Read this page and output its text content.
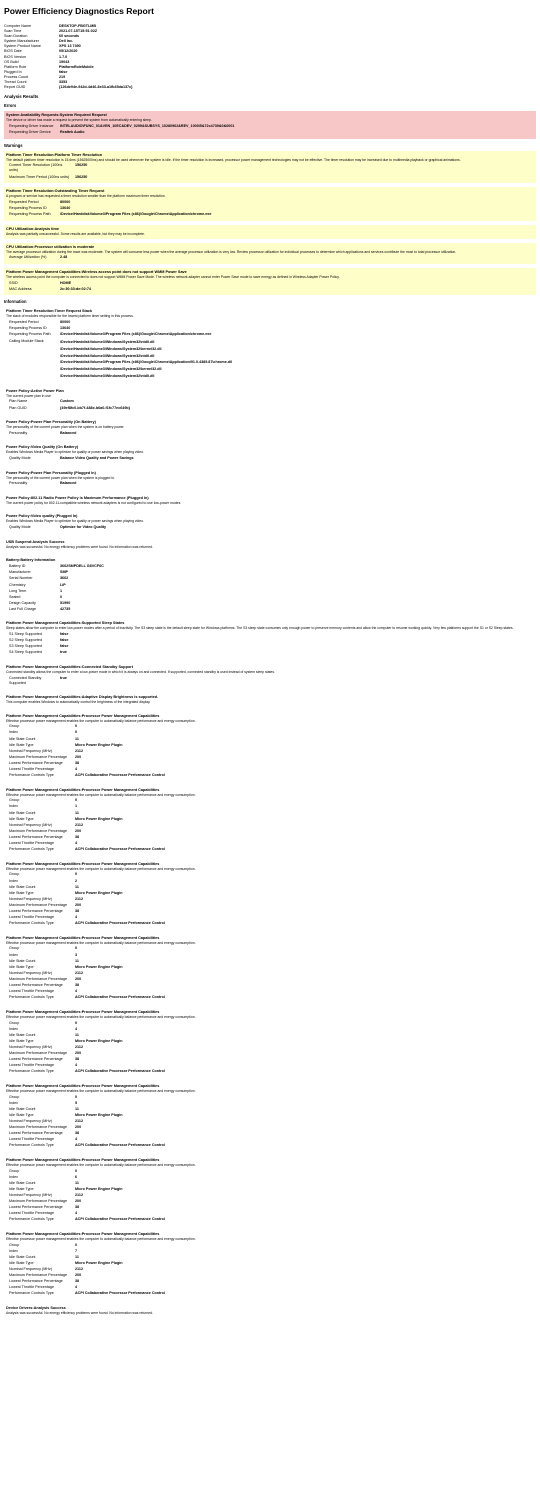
Power Efficiency Diagnostics Report
Computer Name	DESKTOP-FBGTLMB
Scan Time	2021-07-15T15:51:02Z
Scan Duration	60 seconds
System Manufacturer	Dell Inc.
System Product Name	XPS 13 7390
BIOS Date	05/12/2020
BIOS Version	1.7.0
OS Build	19043
Platform Role	PlatformRoleMobile
Plugged In	false
Process Count	219
Thread Count	3353
Report GUID	{126de94e-942d-4d46-8e33-a1fb45da137c}
Analysis Results
Errors
System Availability Requests:System Required Request
The device or driver has made a request to prevent the system from automatically entering sleep.
Requesting Driver Instance	INTELAUDIO\FUNC_01&VEN_10EC&DEV_0299&SUBSYS_10280962&REV_1000\5&72c4739&0&0001
Requesting Driver Device	Realtek Audio
Warnings
Platform Timer Resolution:Platform Timer Resolution
The default platform timer resolution is 15.6ms (15625000ns) and should be used whenever the system is idle. If the timer resolution is increased, processor power management technologies may not be effective. The timer resolution may be increased due to multimedia playback or graphical animations.
Current Timer Resolution (100ns units)	156250
Maximum Timer Period (100ns units)	156250
Platform Timer Resolution:Outstanding Timer Request
A program or service has requested a timer resolution smaller than the platform maximum timer resolution.
Requested Period	80000
Requesting Process ID	13640
Requesting Process Path	\Device\HarddiskVolume3\Program Files (x86)\Google\Chrome\Application\chrome.exe
CPU Utilization:Analysis time
Analysis was partially unsuccessful. Some results are available, but they may be incomplete.
CPU Utilization:Processor utilization is moderate
The average processor utilization during the trace was moderate. The system will consume less power when the average processor utilization is very low. Review processor utilization for individual processes to determine which applications and services contribute the most to total processor utilization.
Average Utilization (%)	2.48
Platform Power Management Capabilities:Wireless access point does not support WMM Power Save
The wireless access point the computer is connected to does not support WMM Power Save Mode. The wireless network adapter cannot enter Power Save mode to save energy as defined in Wireless Adapter Power Policy.
SSID	HOME
MAC Address	2c:30:33:de:02:74
Information
Platform Timer Resolution:Timer Request Stack
The stack of modules responsible for the lowest platform timer setting in this process.
Requested Period	80000
Requesting Process ID	13640
Requesting Process Path	\Device\HarddiskVolume3\Program Files (x86)\Google\Chrome\Application\chrome.exe
Calling Module Stack	\Device\HarddiskVolume3\Windows\System32\ntdll.dll
	\Device\HarddiskVolume3\Windows\System32\kernel32.dll
	\Device\HarddiskVolume3\Windows\System32\ntdll.dll
	\Device\HarddiskVolume3\Program Files (x86)\Google\Chrome\Application\91.0.4389.87\chrome.dll
	\Device\HarddiskVolume3\Windows\System32\kernel32.dll
	\Device\HarddiskVolume3\Windows\System32\ntdll.dll
Power Policy:Active Power Plan
The current power plan in use
Plan Name	Custom
Plan GUID	{49ef8fc0-bb7f-488e-b6a0-f1fc77ec649b}
Power Policy:Power Plan Personality (On Battery)
The personality of the current power plan when the system is on battery power.
Personality	Balanced
Power Policy:Video Quality (On Battery)
Enables Windows Media Player to optimize for quality or power savings when playing video.
Quality Mode	Balance Video Quality and Power Savings
Power Policy:Power Plan Personality (Plugged In)
The personality of the current power plan when the system is plugged in.
Personality	Balanced
Power Policy:802.11 Radio Power Policy is Maximum Performance (Plugged In)
The current power policy for 802.11-compatible wireless network adapters is not configured to use low-power modes.
Power Policy:Video quality (Plugged In)
Enables Windows Media Player to optimize for quality or power savings when playing video.
Quality Mode	Optimize for Video Quality
USB Suspend:Analysis Success
Analysis was successful. No energy efficiency problems were found. No information was returned.
Battery:Battery Information
Battery ID	3662SMPDELL G8VCF6C
Manufacturer	SMP
Serial Number	3662
Chemistry	LiP
Long Term	1
Sealed	0
Design Capacity	51990
Last Full Charge	42735
Platform Power Management Capabilities:Supported Sleep States
Sleep states allow the computer to enter low-power modes after a period of inactivity. The S3 sleep state is the default sleep state for Windows platforms. The S3 sleep state consumes only enough power to preserve memory contents and allow the computer to resume working quickly. Very few platforms support the S1 or S2 Sleep states.
S1 Sleep Supported	false
S2 Sleep Supported	false
S3 Sleep Supported	false
S4 Sleep Supported	true
Platform Power Management Capabilities:Connected Standby Support
Connected standby allows the computer to enter a low-power mode in which it is always on and connected. If supported, connected standby is used instead of system sleep states.
Connected Standby Supported	true
Platform Power Management Capabilities:Adaptive Display Brightness is supported.
This computer enables Windows to automatically control the brightness of the integrated display.
Platform Power Management Capabilities:Processor Power Management Capabilities
Effective processor power management enables the computer to automatically balance performance and energy consumption.
Group	0
Index	0
Idle State Count	11
Idle State Type	Micro Power Engine Plugin
Nominal Frequency (MHz)	2112
Maximum Performance Percentage	200
Lowest Performance Percentage	38
Lowest Throttle Percentage	4
Performance Controls Type	ACPI Collaborative Processor Performance Control
Platform Power Management Capabilities:Processor Power Management Capabilities
Effective processor power management enables the computer to automatically balance performance and energy consumption.
Group	0
Index	1
Idle State Count	11
Idle State Type	Micro Power Engine Plugin
Nominal Frequency (MHz)	2112
Maximum Performance Percentage	200
Lowest Performance Percentage	38
Lowest Throttle Percentage	4
Performance Controls Type	ACPI Collaborative Processor Performance Control
Platform Power Management Capabilities:Processor Power Management Capabilities
Effective processor power management enables the computer to automatically balance performance and energy consumption.
Group	0
Index	2
Idle State Count	11
Idle State Type	Micro Power Engine Plugin
Nominal Frequency (MHz)	2112
Maximum Performance Percentage	200
Lowest Performance Percentage	38
Lowest Throttle Percentage	4
Performance Controls Type	ACPI Collaborative Processor Performance Control
Platform Power Management Capabilities:Processor Power Management Capabilities
Effective processor power management enables the computer to automatically balance performance and energy consumption.
Group	0
Index	3
Idle State Count	11
Idle State Type	Micro Power Engine Plugin
Nominal Frequency (MHz)	2112
Maximum Performance Percentage	200
Lowest Performance Percentage	38
Lowest Throttle Percentage	4
Performance Controls Type	ACPI Collaborative Processor Performance Control
Platform Power Management Capabilities:Processor Power Management Capabilities
Effective processor power management enables the computer to automatically balance performance and energy consumption.
Group	0
Index	4
Idle State Count	11
Idle State Type	Micro Power Engine Plugin
Nominal Frequency (MHz)	2112
Maximum Performance Percentage	200
Lowest Performance Percentage	38
Lowest Throttle Percentage	4
Performance Controls Type	ACPI Collaborative Processor Performance Control
Platform Power Management Capabilities:Processor Power Management Capabilities
Effective processor power management enables the computer to automatically balance performance and energy consumption.
Group	0
Index	5
Idle State Count	11
Idle State Type	Micro Power Engine Plugin
Nominal Frequency (MHz)	2112
Maximum Performance Percentage	200
Lowest Performance Percentage	38
Lowest Throttle Percentage	4
Performance Controls Type	ACPI Collaborative Processor Performance Control
Platform Power Management Capabilities:Processor Power Management Capabilities
Effective processor power management enables the computer to automatically balance performance and energy consumption.
Group	0
Index	6
Idle State Count	11
Idle State Type	Micro Power Engine Plugin
Nominal Frequency (MHz)	2112
Maximum Performance Percentage	200
Lowest Performance Percentage	38
Lowest Throttle Percentage	4
Performance Controls Type	ACPI Collaborative Processor Performance Control
Platform Power Management Capabilities:Processor Power Management Capabilities
Effective processor power management enables the computer to automatically balance performance and energy consumption.
Group	0
Index	7
Idle State Count	11
Idle State Type	Micro Power Engine Plugin
Nominal Frequency (MHz)	2112
Maximum Performance Percentage	200
Lowest Performance Percentage	38
Lowest Throttle Percentage	4
Performance Controls Type	ACPI Collaborative Processor Performance Control
Device Drivers:Analysis Success
Analysis was successful. No energy efficiency problems were found. No information was returned.
